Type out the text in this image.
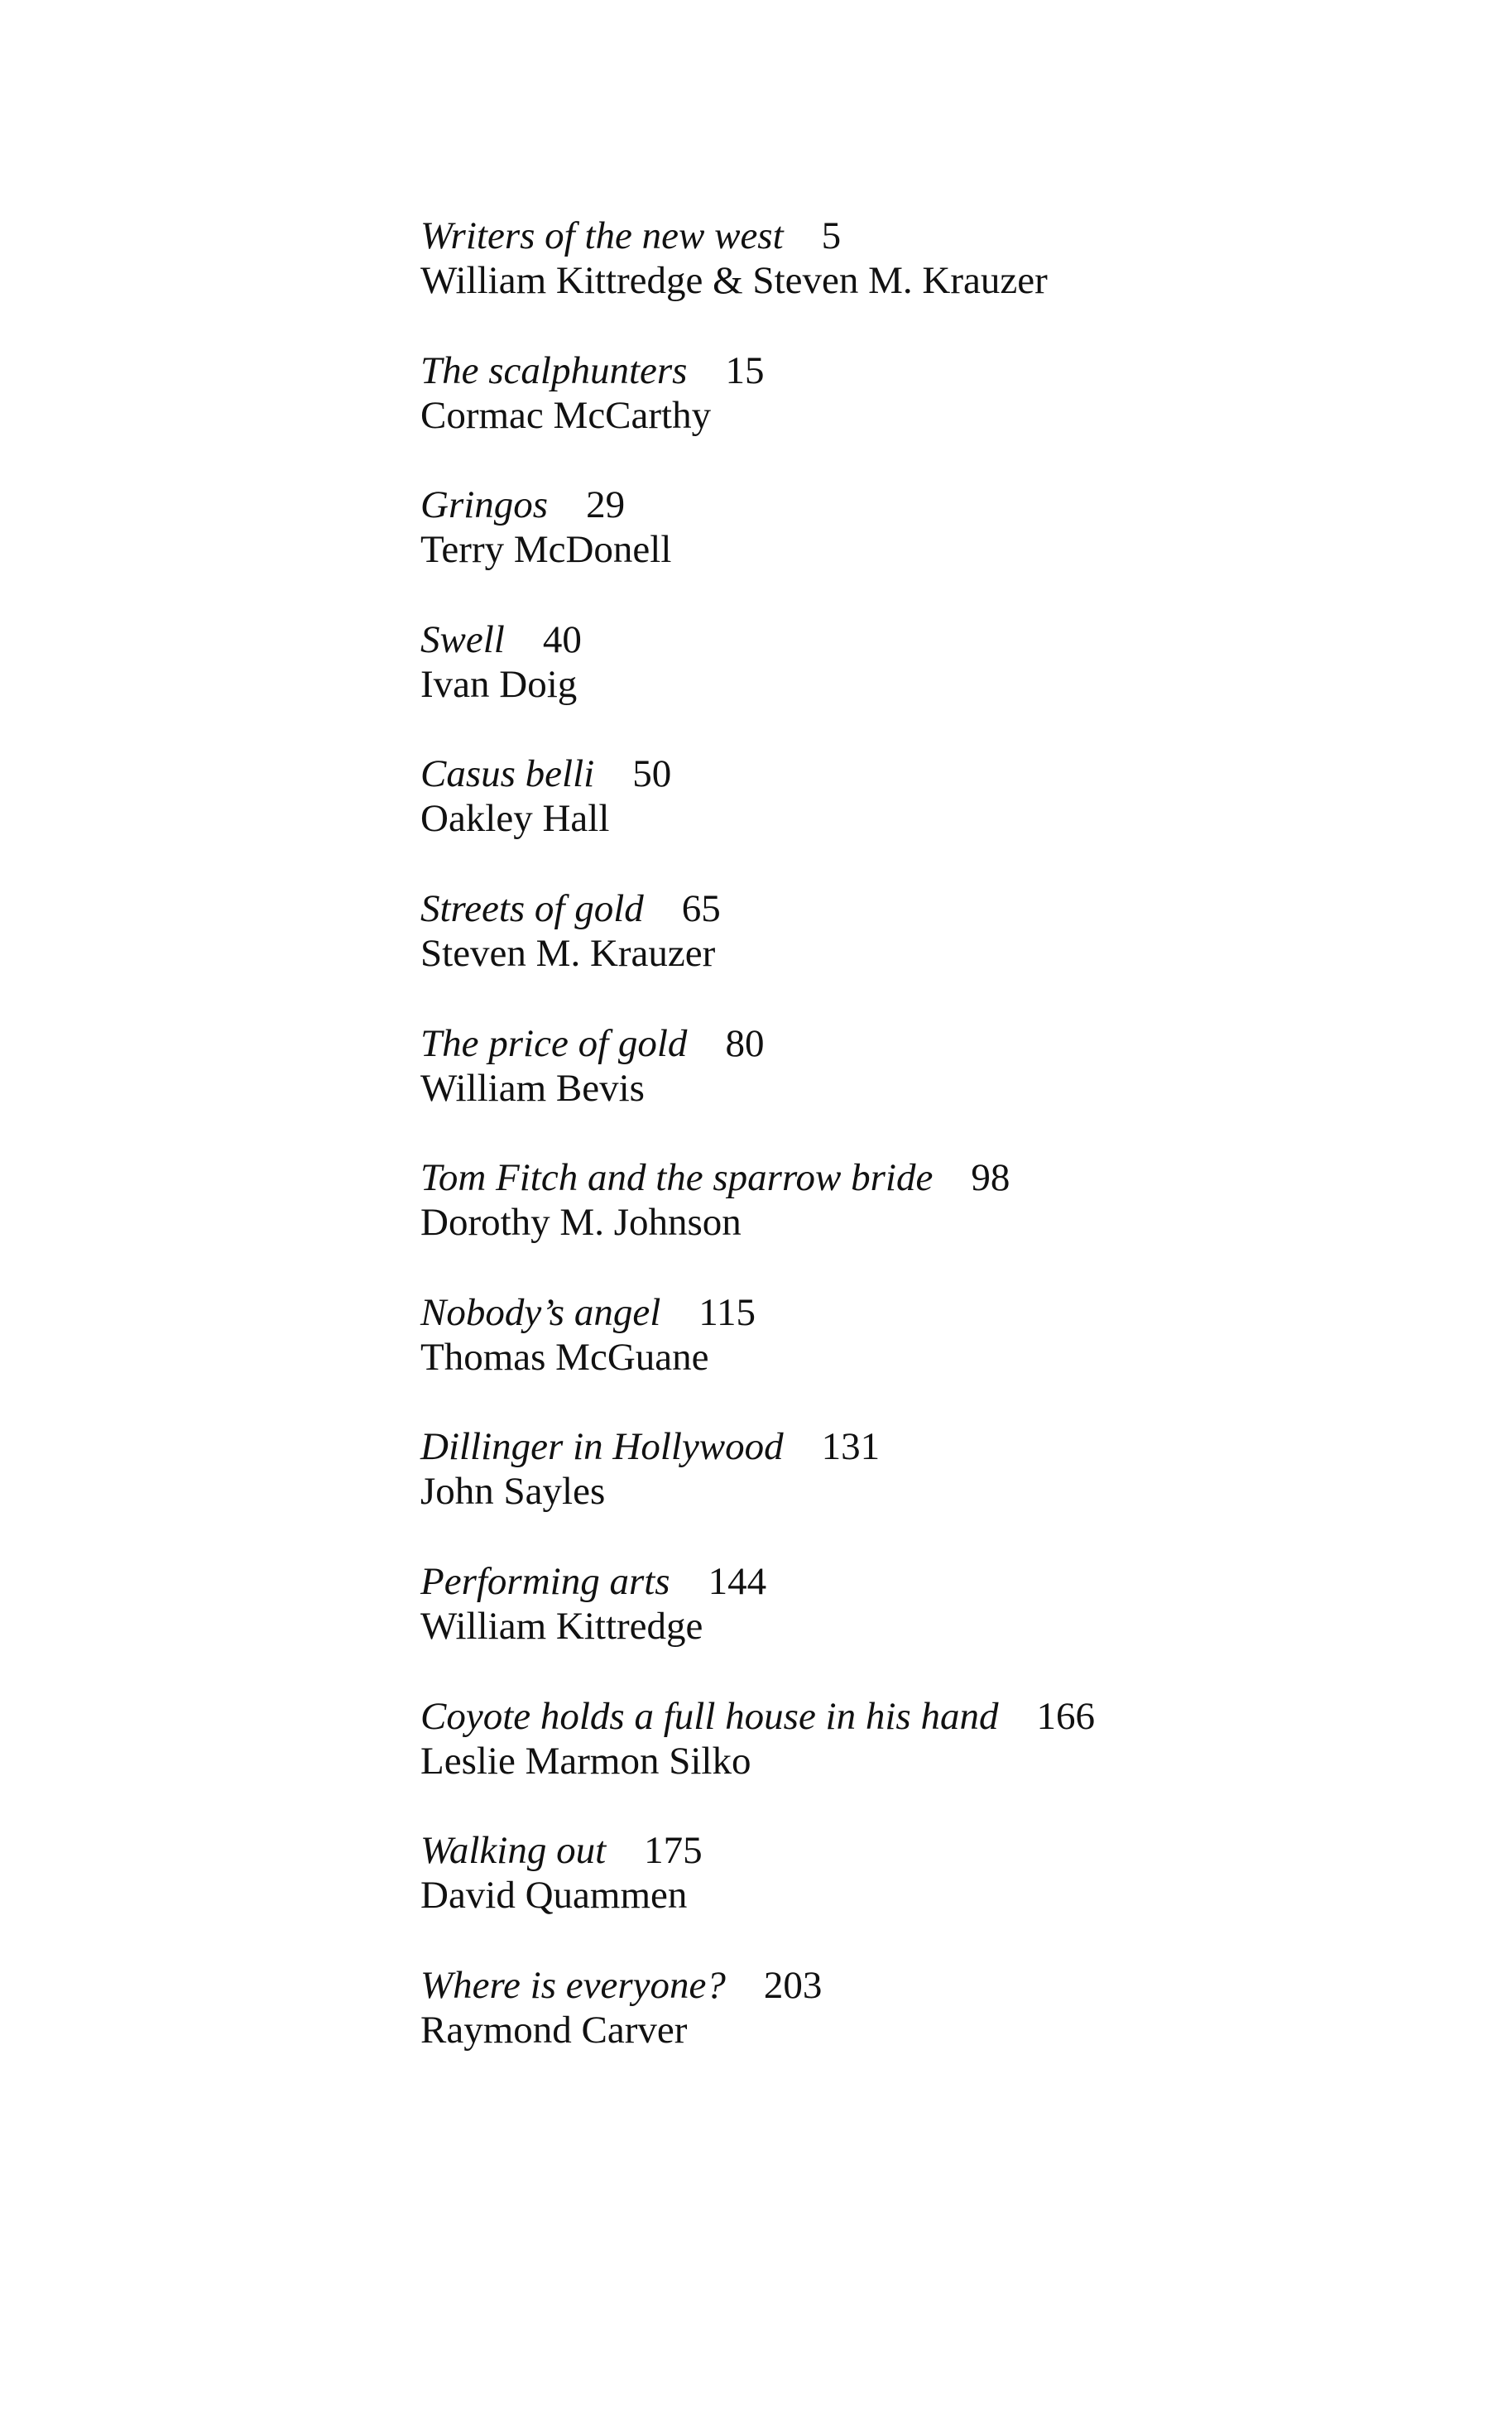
Writers of the new west 5
William Kittredge & Steven M. Krauzer
The scalphunters 15
Cormac McCarthy
Gringos 29
Terry McDonell
Swell 40
Ivan Doig
Casus belli 50
Oakley Hall
Streets of gold 65
Steven M. Krauzer
The price of gold 80
William Bevis
Tom Fitch and the sparrow bride 98
Dorothy M. Johnson
Nobody’s angel 115
Thomas McGuane
Dillinger in Hollywood 131
John Sayles
Performing arts 144
William Kittredge
Coyote holds a full house in his hand 166
Leslie Marmon Silko
Walking out 175
David Quammen
Where is everyone? 203
Raymond Carver
